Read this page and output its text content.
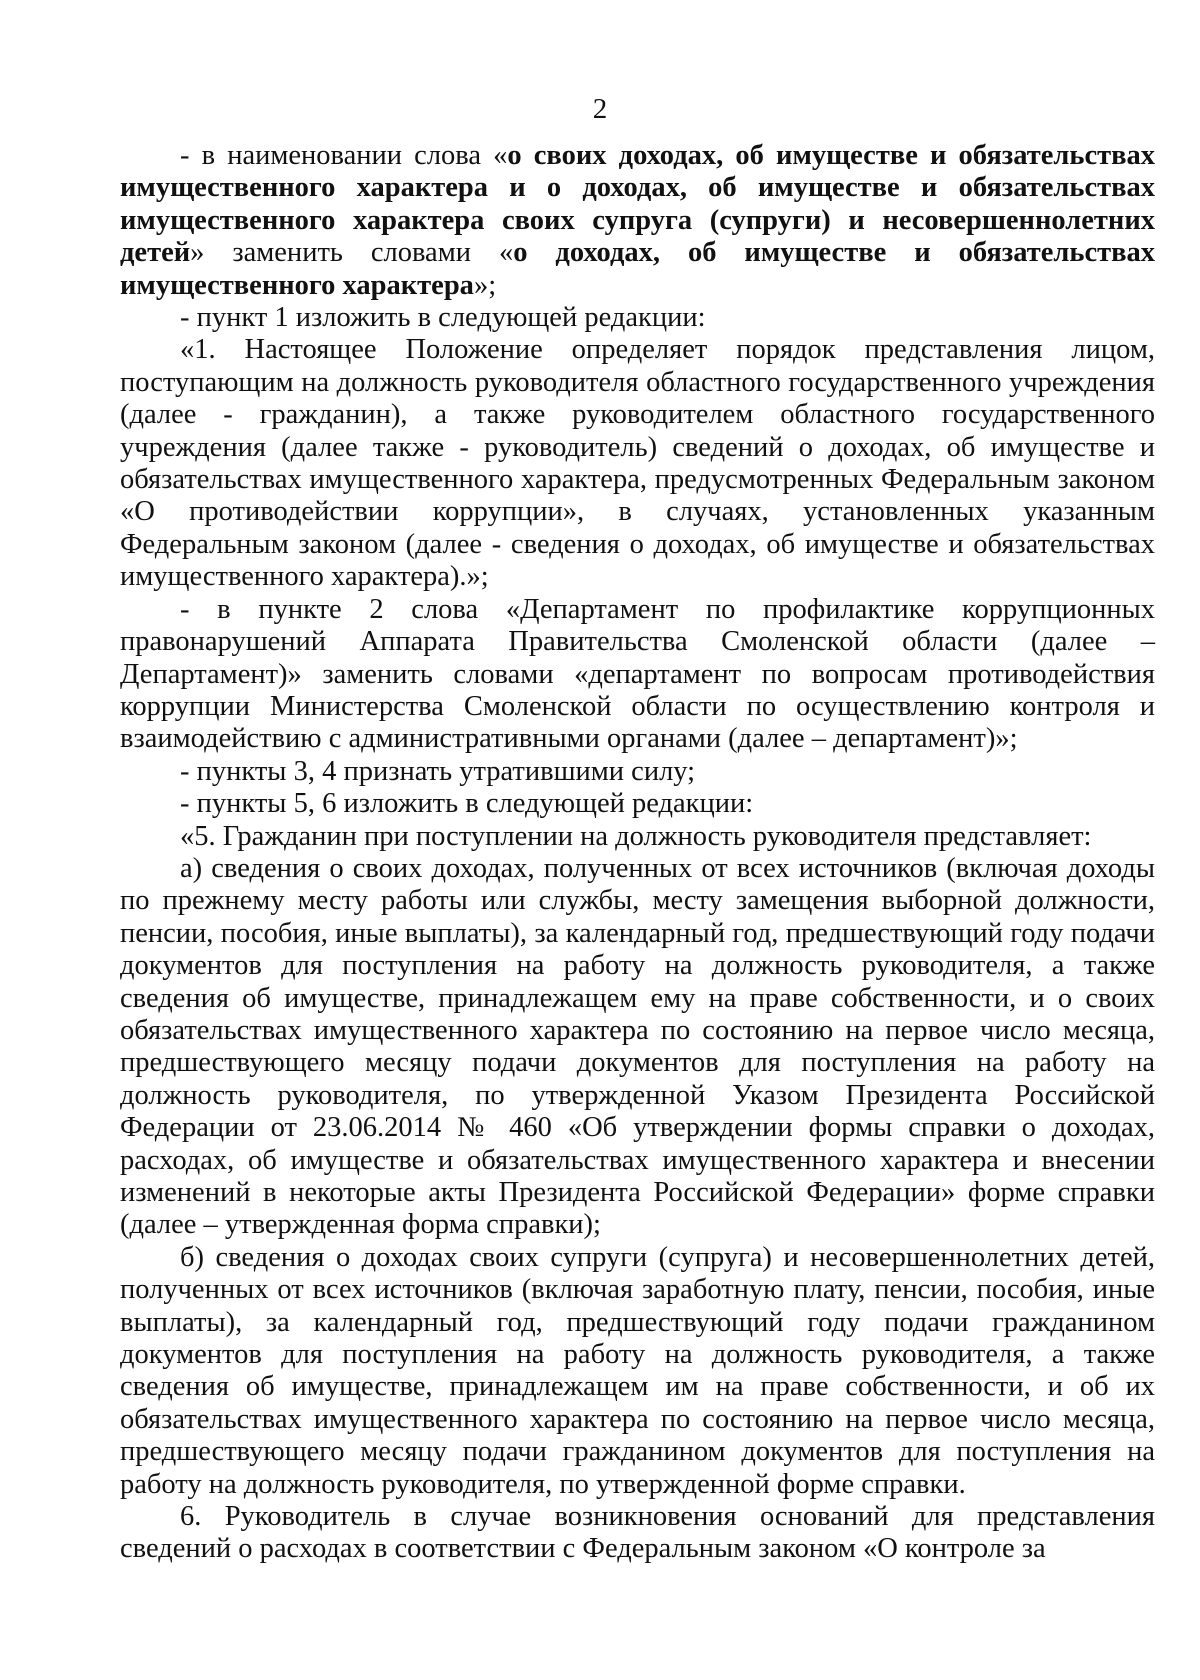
2

- в наименовании слова «о своих доходах, об имуществе и обязательствах имущественного характера и о доходах, об имуществе и обязательствах имущественного характера своих супруга (супруги) и несовершеннолетних детей» заменить словами «о доходах, об имуществе и обязательствах имущественного характера»;

- пункт 1 изложить в следующей редакции:

«1. Настоящее Положение определяет порядок представления лицом, поступающим на должность руководителя областного государственного учреждения (далее - гражданин), а также руководителем областного государственного учреждения (далее также - руководитель) сведений о доходах, об имуществе и обязательствах имущественного характера, предусмотренных Федеральным законом «О противодействии коррупции», в случаях, установленных указанным Федеральным законом (далее - сведения о доходах, об имуществе и обязательствах имущественного характера).»;

- в пункте 2 слова «Департамент по профилактике коррупционных правонарушений Аппарата Правительства Смоленской области (далее – Департамент)» заменить словами «департамент по вопросам противодействия коррупции Министерства Смоленской области по осуществлению контроля и взаимодействию с административными органами (далее – департамент)»;

- пункты 3, 4 признать утратившими силу;

- пункты 5, 6 изложить в следующей редакции:

«5. Гражданин при поступлении на должность руководителя представляет:

а) сведения о своих доходах, полученных от всех источников (включая доходы по прежнему месту работы или службы, месту замещения выборной должности, пенсии, пособия, иные выплаты), за календарный год, предшествующий году подачи документов для поступления на работу на должность руководителя, а также сведения об имуществе, принадлежащем ему на праве собственности, и о своих обязательствах имущественного характера по состоянию на первое число месяца, предшествующего месяцу подачи документов для поступления на работу на должность руководителя, по утвержденной Указом Президента Российской Федерации от 23.06.2014 № 460 «Об утверждении формы справки о доходах, расходах, об имуществе и обязательствах имущественного характера и внесении изменений в некоторые акты Президента Российской Федерации» форме справки (далее – утвержденная форма справки);

б) сведения о доходах своих супруги (супруга) и несовершеннолетних детей, полученных от всех источников (включая заработную плату, пенсии, пособия, иные выплаты), за календарный год, предшествующий году подачи гражданином документов для поступления на работу на должность руководителя, а также сведения об имуществе, принадлежащем им на праве собственности, и об их обязательствах имущественного характера по состоянию на первое число месяца, предшествующего месяцу подачи гражданином документов для поступления на работу на должность руководителя, по утвержденной форме справки.

6. Руководитель в случае возникновения оснований для представления сведений о расходах в соответствии с Федеральным законом «О контроле за
